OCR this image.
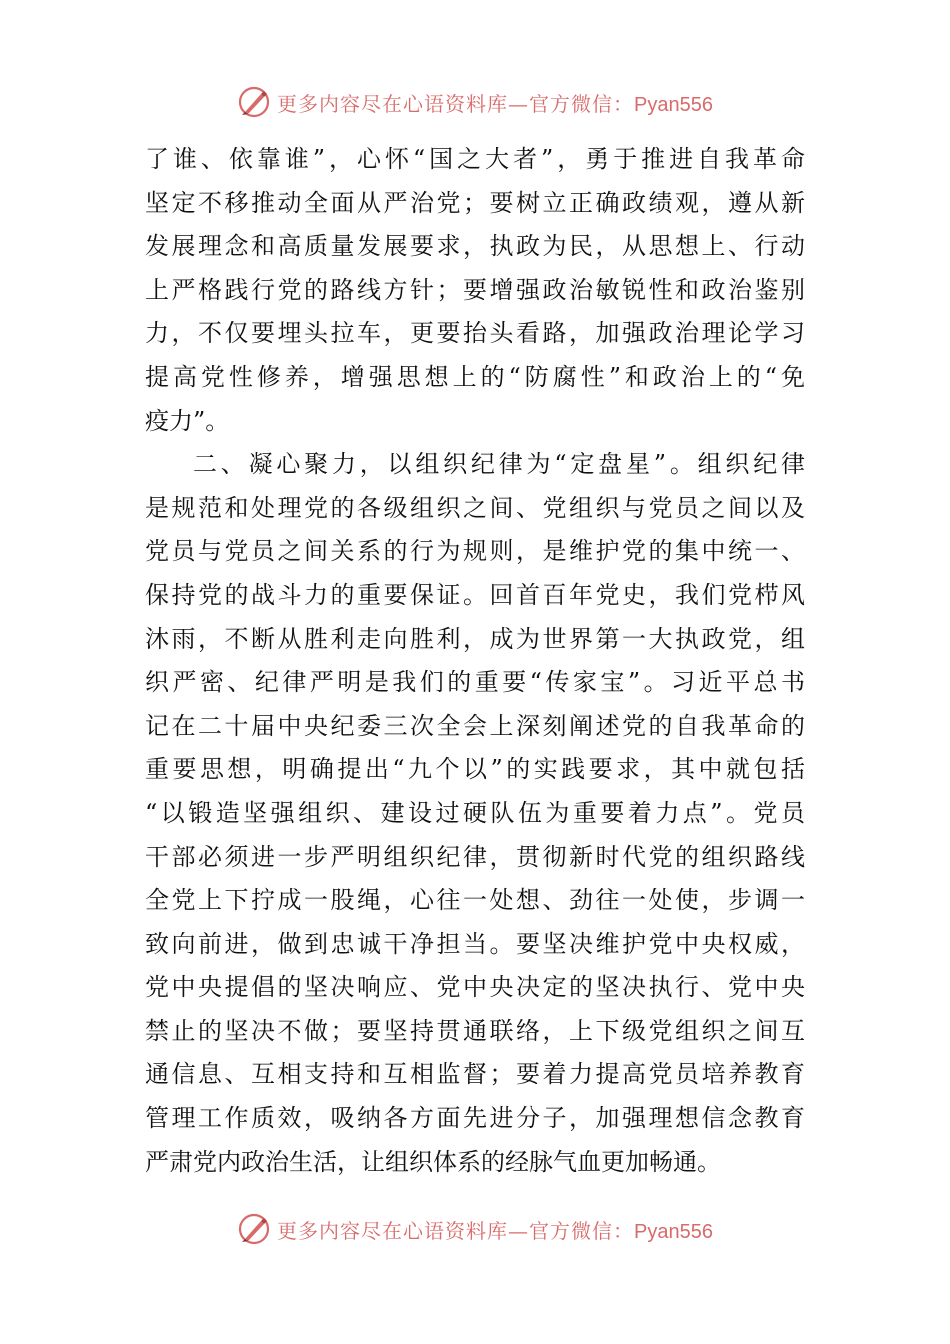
更多内容尽在心语资料库—官方微信：Pyan556
了谁、依靠谁”，心怀“国之大者”，勇于推进自我革命
坚定不移推动全面从严治党；要树立正确政绩观，遵从新
发展理念和高质量发展要求，执政为民，从思想上、行动
上严格践行党的路线方针；要增强政治敏锐性和政治鉴别
力，不仅要埋头拉车，更要抬头看路，加强政治理论学习
提高党性修养，增强思想上的“防腐性”和政治上的“免
疫力”。
二、凝心聚力，以组织纪律为“定盘星”。组织纪律
是规范和处理党的各级组织之间、党组织与党员之间以及
党员与党员之间关系的行为规则，是维护党的集中统一、
保持党的战斗力的重要保证。回首百年党史，我们党栉风
沐雨，不断从胜利走向胜利，成为世界第一大执政党，组
织严密、纪律严明是我们的重要“传家宝”。习近平总书
记在二十届中央纪委三次全会上深刻阐述党的自我革命的
重要思想，明确提出“九个以”的实践要求，其中就包括
“以锻造坚强组织、建设过硬队伍为重要着力点”。党员
干部必须进一步严明组织纪律，贯彻新时代党的组织路线
全党上下拧成一股绳，心往一处想、劲往一处使，步调一
致向前进，做到忠诚干净担当。要坚决维护党中央权威，
党中央提倡的坚决响应、党中央决定的坚决执行、党中央
禁止的坚决不做；要坚持贯通联络，上下级党组织之间互
通信息、互相支持和互相监督；要着力提高党员培养教育
管理工作质效，吸纳各方面先进分子，加强理想信念教育
严肃党内政治生活，让组织体系的经脉气血更加畅通。
更多内容尽在心语资料库—官方微信：Pyan556
